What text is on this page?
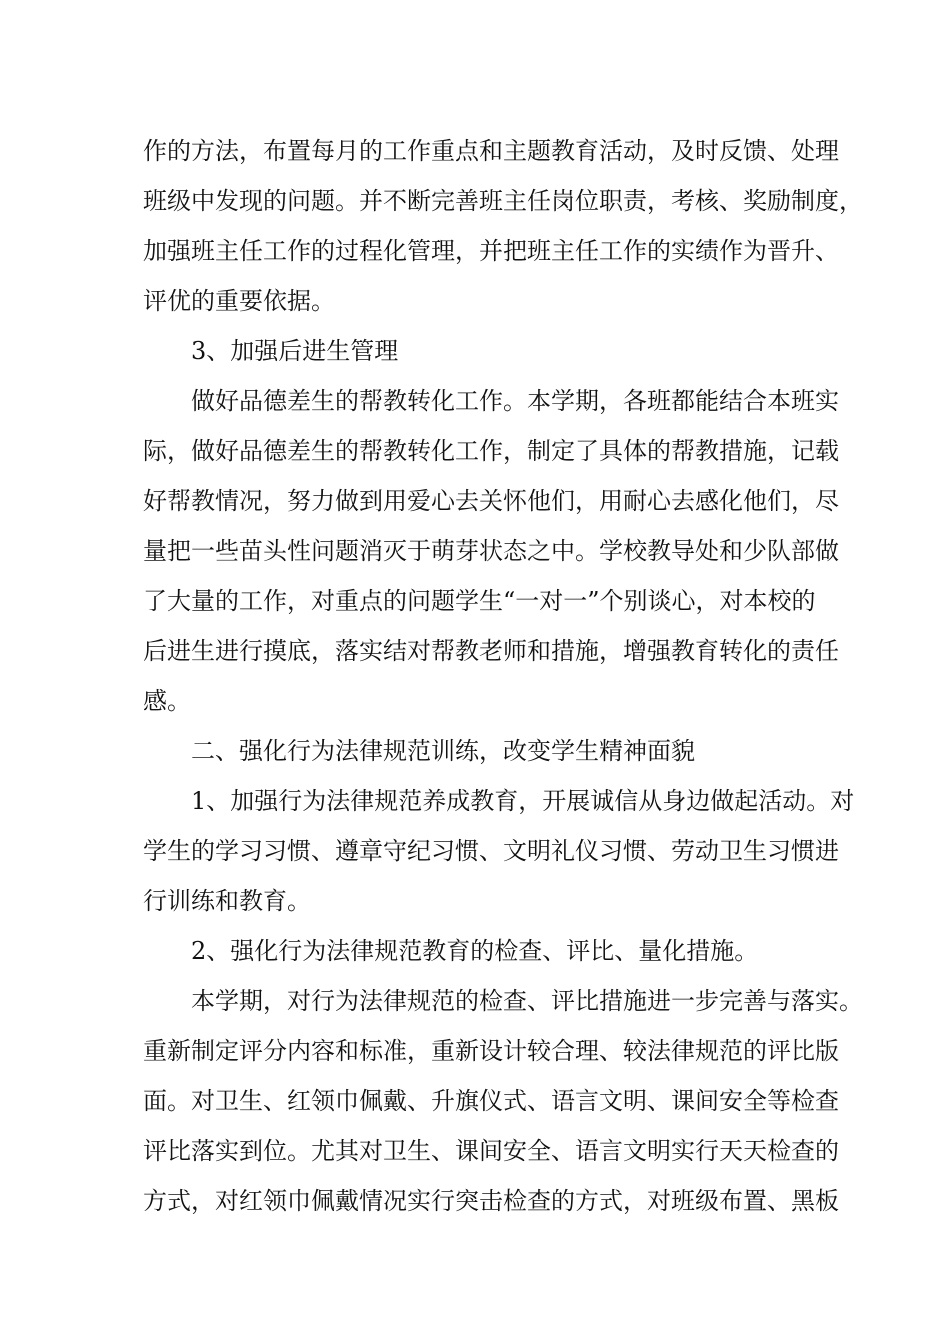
作的方法，布置每月的工作重点和主题教育活动，及时反馈、处理
班级中发现的问题。并不断完善班主任岗位职责，考核、奖励制度，
加强班主任工作的过程化管理，并把班主任工作的实绩作为晋升、
评优的重要依据。
3、加强后进生管理
做好品德差生的帮教转化工作。本学期，各班都能结合本班实
际，做好品德差生的帮教转化工作，制定了具体的帮教措施，记载
好帮教情况，努力做到用爱心去关怀他们，用耐心去感化他们，尽
量把一些苗头性问题消灭于萌芽状态之中。学校教导处和少队部做
了大量的工作，对重点的问题学生“一对一”个别谈心，对本校的
后进生进行摸底，落实结对帮教老师和措施，增强教育转化的责任
感。
二、强化行为法律规范训练，改变学生精神面貌
1、加强行为法律规范养成教育，开展诚信从身边做起活动。对
学生的学习习惯、遵章守纪习惯、文明礼仪习惯、劳动卫生习惯进
行训练和教育。
2、强化行为法律规范教育的检查、评比、量化措施。
本学期，对行为法律规范的检查、评比措施进一步完善与落实。
重新制定评分内容和标准，重新设计较合理、较法律规范的评比版
面。对卫生、红领巾佩戴、升旗仪式、语言文明、课间安全等检查
评比落实到位。尤其对卫生、课间安全、语言文明实行天天检查的
方式，对红领巾佩戴情况实行突击检查的方式，对班级布置、黑板
